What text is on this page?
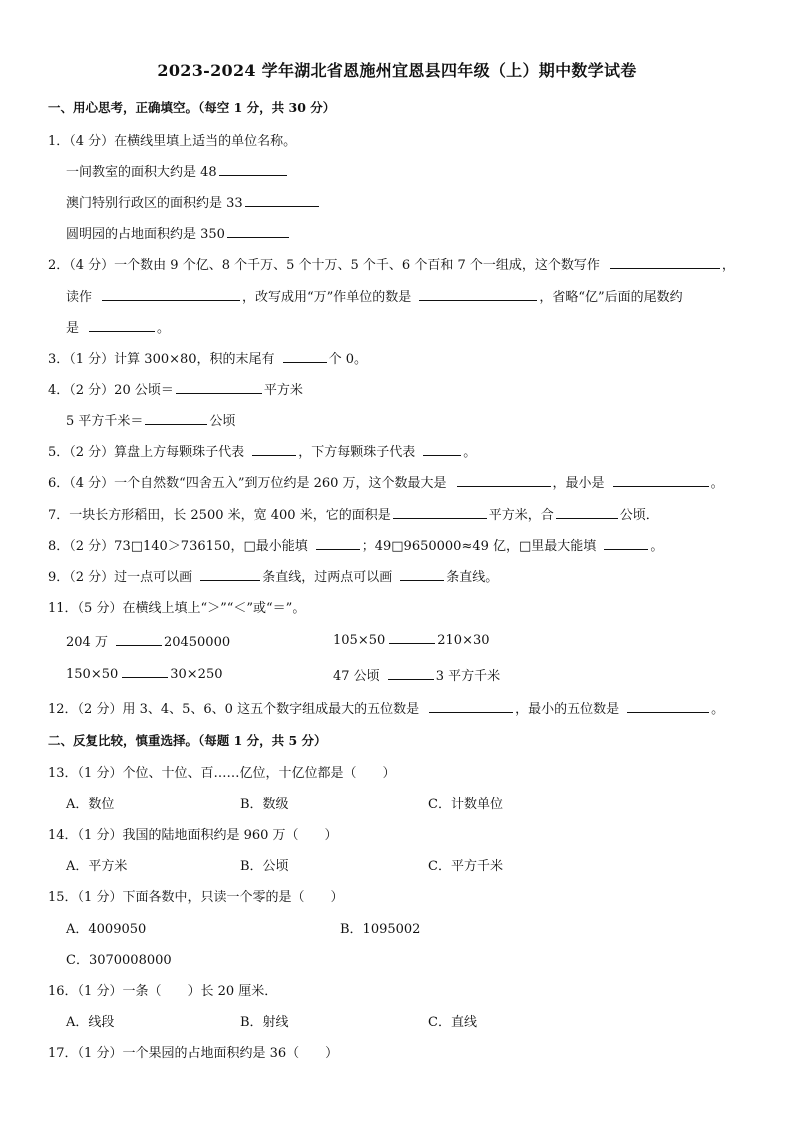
2023-2024 学年湖北省恩施州宜恩县四年级（上）期中数学试卷
一、用心思考，正确填空。（每空 1 分，共 30 分）
1．（4 分）在横线里填上适当的单位名称。
一间教室的面积大约是 48
澳门特别行政区的面积约是 33
圆明园的占地面积约是 350
2．（4 分）一个数由 9 个亿、8 个千万、5 个十万、5 个千、6 个百和 7 个一组成，这个数写作	，
读作	，改写成用“万”作单位的数是	，省略“亿”后面的尾数约
是	。
3．（1 分）计算 300×80，积的末尾有	个 0。
4．（2 分）20 公顷＝	平方米
5 平方千米＝	公顷
5．（2 分）算盘上方每颗珠子代表	，下方每颗珠子代表	。
6．（4 分）一个自然数“四舍五入”到万位约是 260 万，这个数最大是	，最小是	。
7．一块长方形稻田，长 2500 米，宽 400 米，它的面积是	平方米，合	公顷．
8．（2 分）73□140＞736150，□最小能填	；49□9650000≈49 亿，□里最大能填	。
9．（2 分）过一点可以画	条直线，过两点可以画	条直线。
11．（5 分）在横线上填上“＞”“＜”或“＝”。
204 万	20450000	105×50	210×30
150×50	30×250	47 公顷	3 平方千米
12．（2 分）用 3、4、5、6、0 这五个数字组成最大的五位数是	，最小的五位数是	。
二、反复比较，慎重选择。（每题 1 分，共 5 分）
13．（1 分）个位、十位、百……亿位，十亿位都是（　　）
A．数位	B．数级	C．计数单位
14．（1 分）我国的陆地面积约是 960 万（　　）
A．平方米	B．公顷	C．平方千米
15．（1 分）下面各数中，只读一个零的是（　　）
A．4009050	B．1095002
C．3070008000
16．（1 分）一条（　　）长 20 厘米．
A．线段	B．射线	C．直线
17．（1 分）一个果园的占地面积约是 36（　　）
